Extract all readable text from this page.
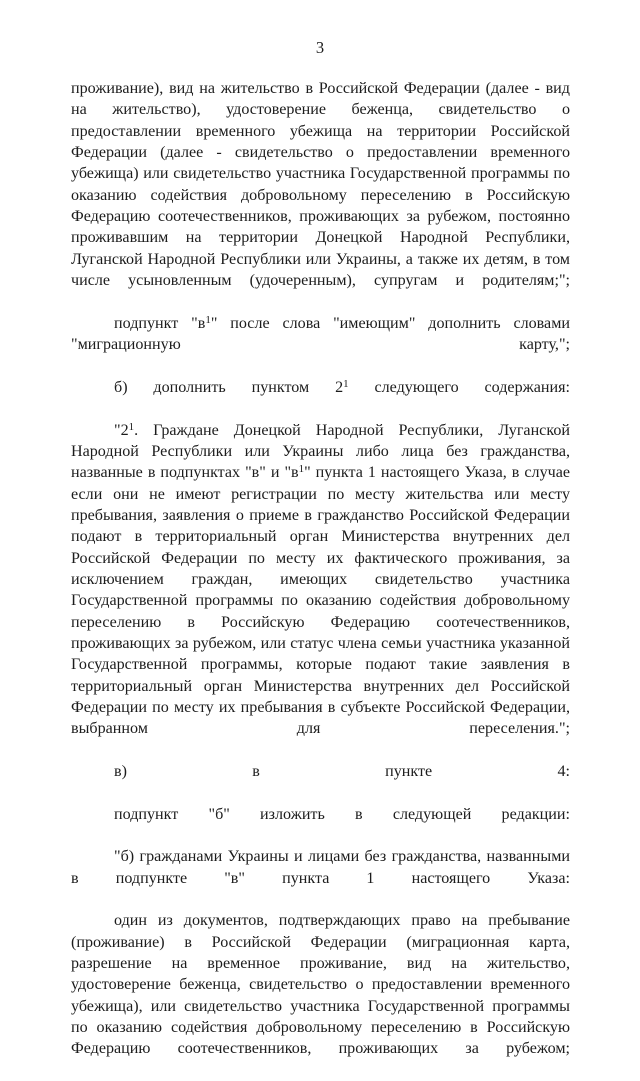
3

проживание), вид на жительство в Российской Федерации (далее - вид на жительство), удостоверение беженца, свидетельство о предоставлении временного убежища на территории Российской Федерации (далее - свидетельство о предоставлении временного убежища) или свидетельство участника Государственной программы по оказанию содействия добровольному переселению в Российскую Федерацию соотечественников, проживающих за рубежом, постоянно проживавшим на территории Донецкой Народной Республики, Луганской Народной Республики или Украины, а также их детям, в том числе усыновленным (удочеренным), супругам и родителям;";

подпункт "$в^1$" после слова "имеющим" дополнить словами "миграционную карту,";

б) дополнить пунктом $2^1$ следующего содержания:

"$2^1$. Граждане Донецкой Народной Республики, Луганской Народной Республики или Украины либо лица без гражданства, названные в подпунктах "в" и "$в^1$" пункта 1 настоящего Указа, в случае если они не имеют регистрации по месту жительства или месту пребывания, заявления о приеме в гражданство Российской Федерации подают в территориальный орган Министерства внутренних дел Российской Федерации по месту их фактического проживания, за исключением граждан, имеющих свидетельство участника Государственной программы по оказанию содействия добровольному переселению в Российскую Федерацию соотечественников, проживающих за рубежом, или статус члена семьи участника указанной Государственной программы, которые подают такие заявления в территориальный орган Министерства внутренних дел Российской Федерации по месту их пребывания в субъекте Российской Федерации, выбранном для переселения.";

в) в пункте 4:

подпункт "б" изложить в следующей редакции:

"б) гражданами Украины и лицами без гражданства, названными в подпункте "в" пункта 1 настоящего Указа:

один из документов, подтверждающих право на пребывание (проживание) в Российской Федерации (миграционная карта, разрешение на временное проживание, вид на жительство, удостоверение беженца, свидетельство о предоставлении временного убежища), или свидетельство участника Государственной программы по оказанию содействия добровольному переселению в Российскую Федерацию соотечественников, проживающих за рубежом;
